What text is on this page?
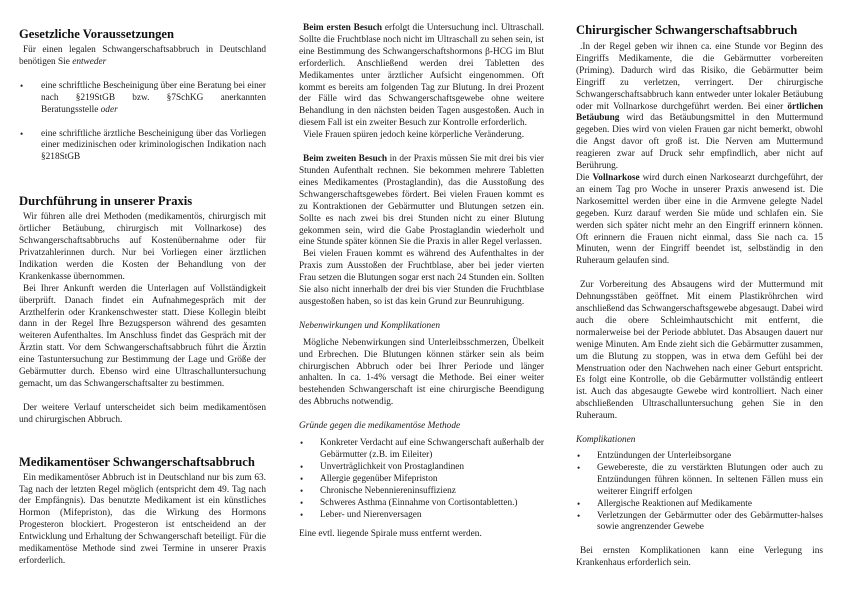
Gesetzliche Voraussetzungen

Für einen legalen Schwangerschaftsabbruch in Deutschland benötigen Sie entweder

• eine schriftliche Bescheinigung über eine Beratung bei einer nach §219StGB bzw. §7SchKG anerkannten Beratungsstelle oder
• eine schriftliche ärztliche Bescheinigung über das Vorliegen einer medizinischen oder kriminologischen Indikation nach §218StGB
Durchführung in unserer Praxis

Wir führen alle drei Methoden (medikamentös, chirurgisch mit örtlicher Betäubung, chirurgisch mit Vollnarkose) des Schwangerschaftsabbruchs auf Kostenübernahme oder für Privatzahlerinnen durch. Nur bei Vorliegen einer ärztlichen Indikation werden die Kosten der Behandlung von der Krankenkasse übernommen.

Bei Ihrer Ankunft werden die Unterlagen auf Vollständigkeit überprüft. Danach findet ein Aufnahmegespräch mit der Arzthelferin oder Krankenschwester statt. Diese Kollegin bleibt dann in der Regel Ihre Bezugsperson während des gesamten weiteren Aufenthaltes. Im Anschluss findet das Gespräch mit der Ärztin statt. Vor dem Schwangerschaftsabbruch führt die Ärztin eine Tastuntersuchung zur Bestimmung der Lage und Größe der Gebärmutter durch. Ebenso wird eine Ultraschalluntersuchung gemacht, um das Schwangerschaftsalter zu bestimmen.

Der weitere Verlauf unterscheidet sich beim medikamentösen und chirurgischen Abbruch.

Medikamentöser Schwangerschaftsabbruch

Ein medikamentöser Abbruch ist in Deutschland nur bis zum 63. Tag nach der letzten Regel möglich (entspricht dem 49. Tag nach der Empfängnis). Das benutzte Medikament ist ein künstliches Hormon (Mifepriston), das die Wirkung des Hormons Progesteron blockiert. Progesteron ist entscheidend an der Entwicklung und Erhaltung der Schwangerschaft beteiligt. Für die medikamentöse Methode sind zwei Termine in unserer Praxis erforderlich.

Beim ersten Besuch erfolgt die Untersuchung incl. Ultraschall. Sollte die Fruchtblase noch nicht im Ultraschall zu sehen sein, ist eine Bestimmung des Schwangerschaftshormons β-HCG im Blut erforderlich. Anschließend werden drei Tabletten des Medikamentes unter ärztlicher Aufsicht eingenommen. Oft kommt es bereits am folgenden Tag zur Blutung. In drei Prozent der Fälle wird das Schwangerschaftsgewebe ohne weitere Behandlung in den nächsten beiden Tagen ausgestoßen. Auch in diesem Fall ist ein zweiter Besuch zur Kontrolle erforderlich.

Viele Frauen spüren jedoch keine körperliche Veränderung.

Beim zweiten Besuch in der Praxis müssen Sie mit drei bis vier Stunden Aufenthalt rechnen. Sie bekommen mehrere Tabletten eines Medikamentes (Prostaglandin), das die Ausstoßung des Schwangerschaftsgewebes fördert. Bei vielen Frauen kommt es zu Kontraktionen der Gebärmutter und Blutungen setzen ein. Sollte es nach zwei bis drei Stunden nicht zu einer Blutung gekommen sein, wird die Gabe Prostaglandin wiederholt und eine Stunde später können Sie die Praxis in aller Regel verlassen.

Bei vielen Frauen kommt es während des Aufenthaltes in der Praxis zum Ausstoßen der Fruchtblase, aber bei jeder vierten Frau setzen die Blutungen sogar erst nach 24 Stunden ein. Sollten Sie also nicht innerhalb der drei bis vier Stunden die Fruchtblase ausgestoßen haben, so ist das kein Grund zur Beunruhigung.

Nebenwirkungen und Komplikationen

Mögliche Nebenwirkungen sind Unterleibsschmerzen, Übelkeit und Erbrechen. Die Blutungen können stärker sein als beim chirurgischen Abbruch oder bei Ihrer Periode und länger anhalten. In ca. 1-4% versagt die Methode. Bei einer weiter bestehenden Schwangerschaft ist eine chirurgische Beendigung des Abbruchs notwendig.

Gründe gegen die medikamentöse Methode

• Konkreter Verdacht auf eine Schwangerschaft außerhalb der Gebärmutter (z.B. im Eileiter)
• Unverträglichkeit von Prostaglandinen
• Allergie gegenüber Mifepriston
• Chronische Nebenniereninsuffizienz
• Schweres Asthma (Einnahme von Cortisontabletten.)
• Leber- und Nierenversagen

Eine evtl. liegende Spirale muss entfernt werden.

Chirurgischer Schwangerschaftsabbruch

.In der Regel geben wir ihnen ca. eine Stunde vor Beginn des Eingriffs Medikamente, die die Gebärmutter vorbereiten (Priming). Dadurch wird das Risiko, die Gebärmutter beim Eingriff zu verletzen, verringert. Der chirurgische Schwangerschaftsabbruch kann entweder unter lokaler Betäubung oder mit Vollnarkose durchgeführt werden. Bei einer örtlichen Betäubung wird das Betäubungsmittel in den Muttermund gegeben. Dies wird von vielen Frauen gar nicht bemerkt, obwohl die Angst davor oft groß ist. Die Nerven am Muttermund reagieren zwar auf Druck sehr empfindlich, aber nicht auf Berührung.

Die Vollnarkose wird durch einen Narkosearzt durchgeführt, der an einem Tag pro Woche in unserer Praxis anwesend ist. Die Narkosemittel werden über eine in die Armvene gelegte Nadel gegeben. Kurz darauf werden Sie müde und schlafen ein. Sie werden sich später nicht mehr an den Eingriff erinnern können. Oft erinnern die Frauen nicht einmal, dass Sie nach ca. 15 Minuten, wenn der Eingriff beendet ist, selbständig in den Ruheraum gelaufen sind.

Zur Vorbereitung des Absaugens wird der Muttermund mit Dehnungsstäben geöffnet. Mit einem Plastikröhrchen wird anschließend das Schwangerschaftsgewebe abgesaugt. Dabei wird auch die obere Schleimhautschicht mit entfernt, die normalerweise bei der Periode abblutet. Das Absaugen dauert nur wenige Minuten. Am Ende zieht sich die Gebärmutter zusammen, um die Blutung zu stoppen, was in etwa dem Gefühl bei der Menstruation oder den Nachwehen nach einer Geburt entspricht. Es folgt eine Kontrolle, ob die Gebärmutter vollständig entleert ist. Auch das abgesaugte Gewebe wird kontrolliert. Nach einer abschließenden Ultraschalluntersuchung gehen Sie in den Ruheraum.

Komplikationen

• Entzündungen der Unterleibsorgane
• Gewebereste, die zu verstärkten Blutungen oder auch zu Entzündungen führen können. In seltenen Fällen muss ein weiterer Eingriff erfolgen
• Allergische Reaktionen auf Medikamente
• Verletzungen der Gebärmutter oder des Gebärmutter-halses sowie angrenzender Gewebe

Bei ernsten Komplikationen kann eine Verlegung ins Krankenhaus erforderlich sein.
